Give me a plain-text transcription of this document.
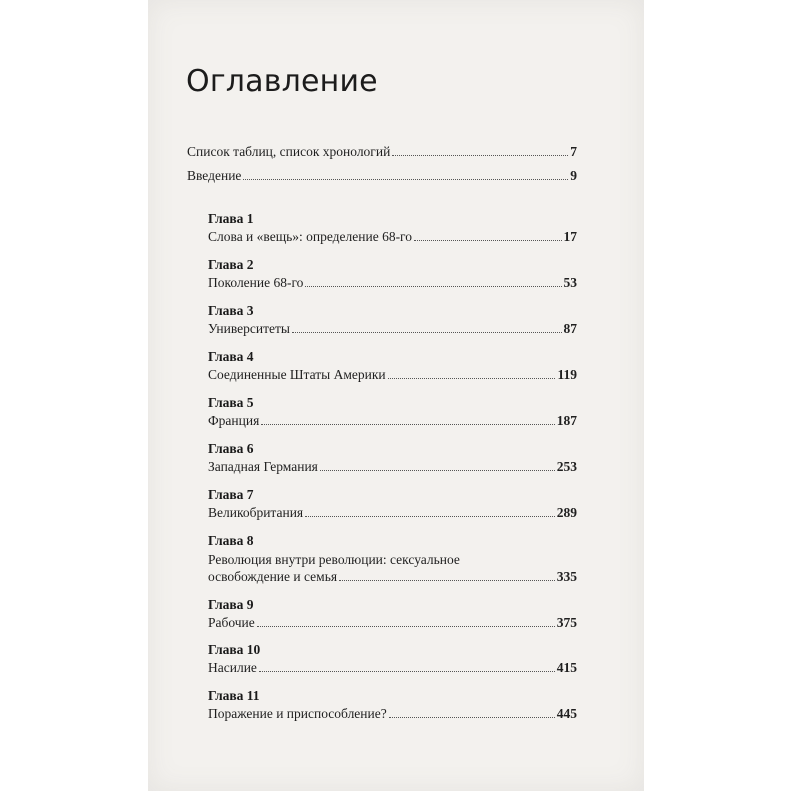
Оглавление
Список таблиц, список хронологий	7
Введение	9
Глава 1
Слова и «вещь»: определение 68-го	17
Глава 2
Поколение 68-го	53
Глава 3
Университеты	87
Глава 4
Соединенные Штаты Америки	119
Глава 5
Франция	187
Глава 6
Западная Германия	253
Глава 7
Великобритания	289
Глава 8
Революция внутри революции: сексуальное
освобождение и семья	335
Глава 9
Рабочие	375
Глава 10
Насилие	415
Глава 11
Поражение и приспособление?	445
